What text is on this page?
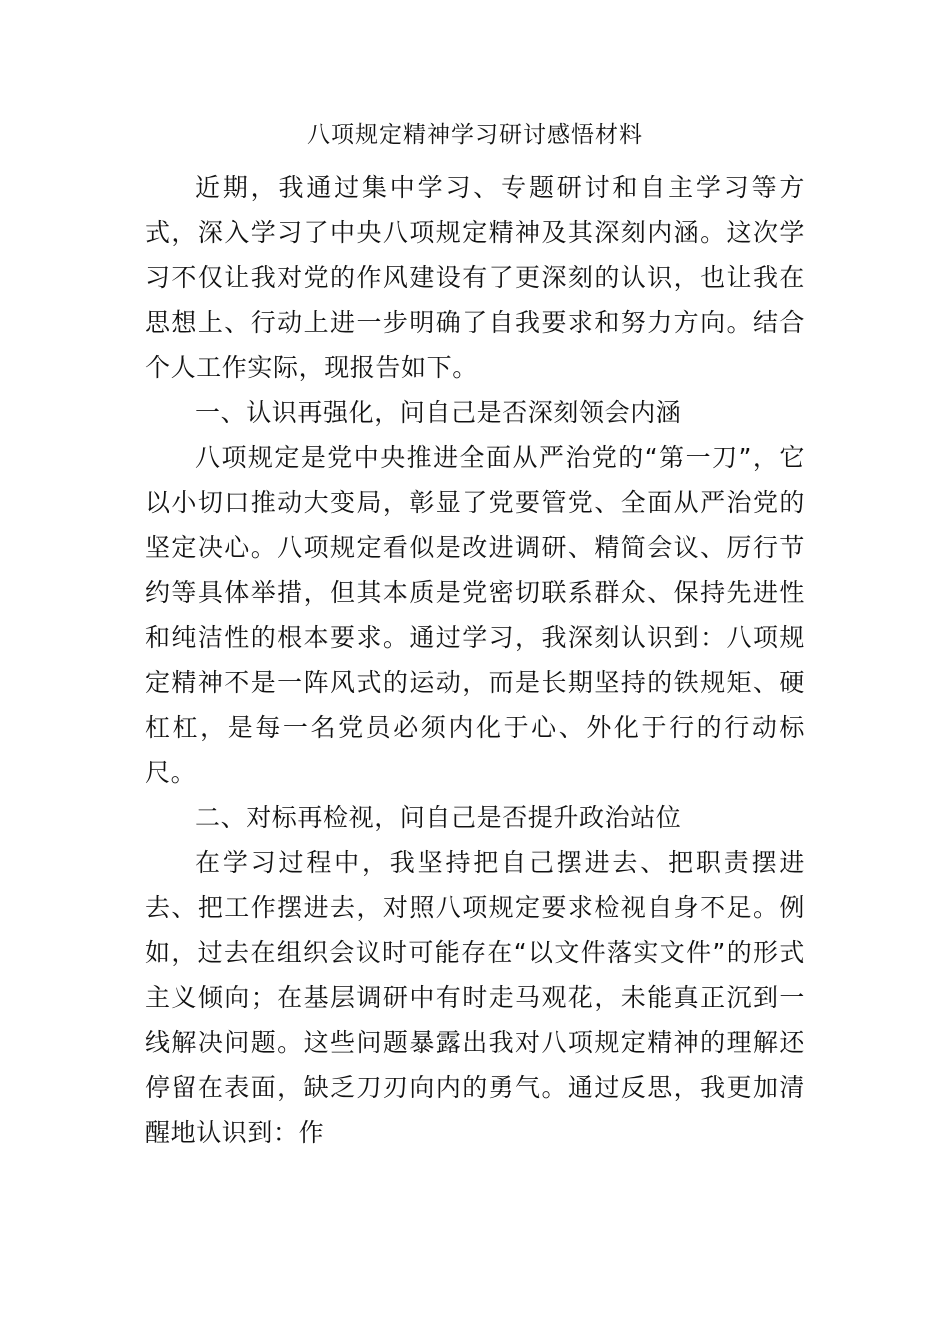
八项规定精神学习研讨感悟材料

近期，我通过集中学习、专题研讨和自主学习等方式，深入学习了中央八项规定精神及其深刻内涵。这次学习不仅让我对党的作风建设有了更深刻的认识，也让我在思想上、行动上进一步明确了自我要求和努力方向。结合个人工作实际，现报告如下。

一、认识再强化，问自己是否深刻领会内涵

八项规定是党中央推进全面从严治党的“第一刀”，它以小切口推动大变局，彰显了党要管党、全面从严治党的坚定决心。八项规定看似是改进调研、精简会议、厉行节约等具体举措，但其本质是党密切联系群众、保持先进性和纯洁性的根本要求。通过学习，我深刻认识到：八项规定精神不是一阵风式的运动，而是长期坚持的铁规矩、硬杠杠，是每一名党员必须内化于心、外化于行的行动标尺。

二、对标再检视，问自己是否提升政治站位

在学习过程中，我坚持把自己摆进去、把职责摆进去、把工作摆进去，对照八项规定要求检视自身不足。例如，过去在组织会议时可能存在“以文件落实文件”的形式主义倾向；在基层调研中有时走马观花，未能真正沉到一线解决问题。这些问题暴露出我对八项规定精神的理解还停留在表面，缺乏刀刃向内的勇气。通过反思，我更加清醒地认识到：作
